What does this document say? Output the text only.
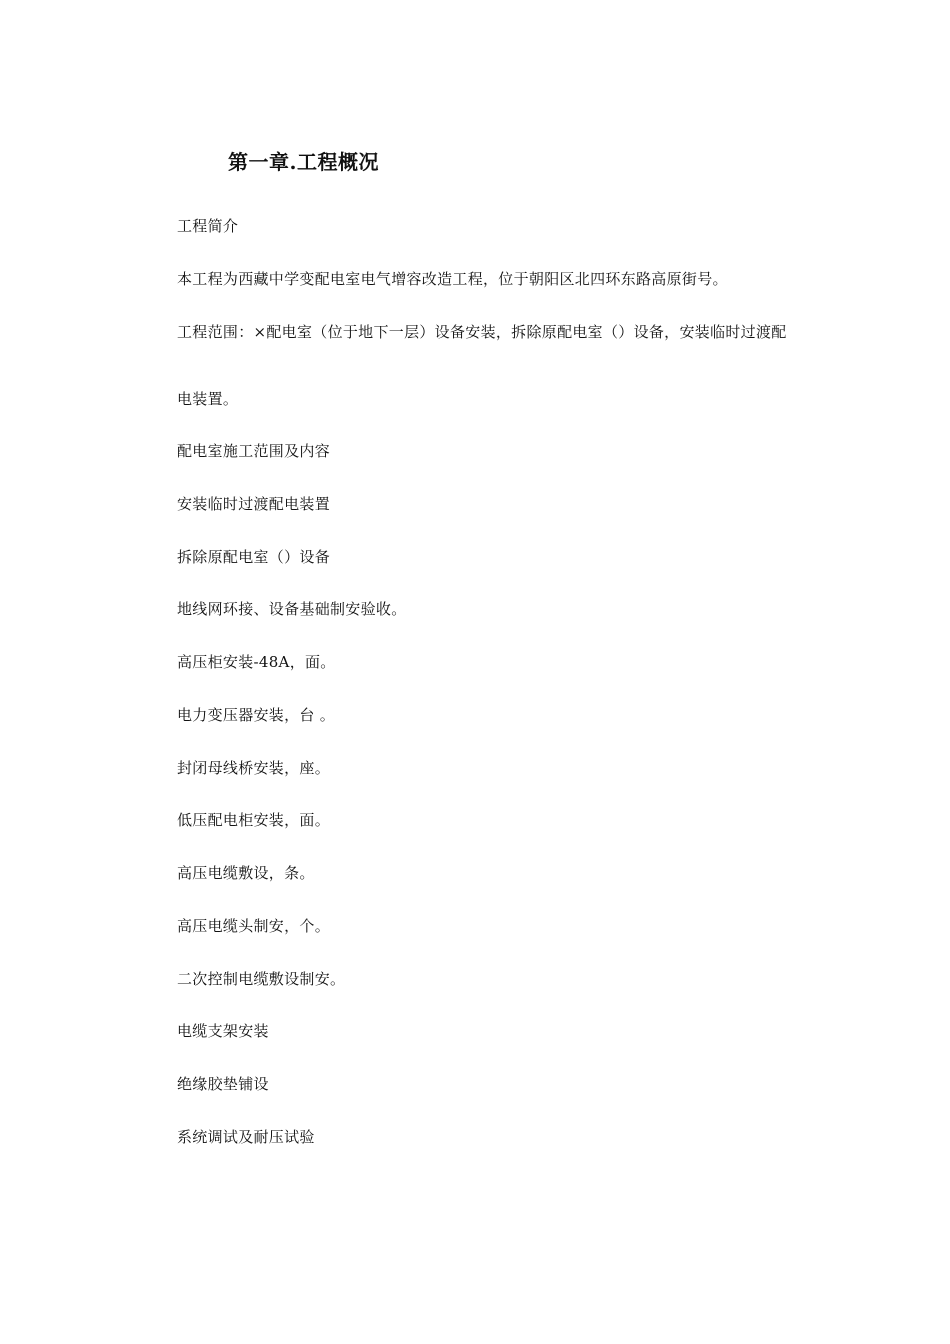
第一章.工程概况
工程简介
本工程为西藏中学变配电室电气增容改造工程，位于朝阳区北四环东路高原街号。
工程范围：×配电室（位于地下一层）设备安装，拆除原配电室（）设备，安装临时过渡配
电装置。
配电室施工范围及内容
安装临时过渡配电装置
拆除原配电室（）设备
地线网环接、设备基础制安验收。
高压柜安装-48A，面。
电力变压器安装，台 。
封闭母线桥安装，座。
低压配电柜安装，面。
高压电缆敷设，条。
高压电缆头制安，个。
二次控制电缆敷设制安。
电缆支架安装
绝缘胶垫铺设
系统调试及耐压试验
